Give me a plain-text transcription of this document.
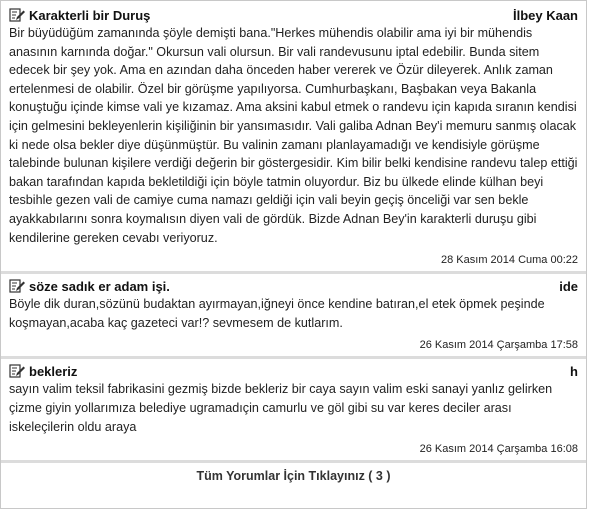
Karakterli bir Duruş	İlbey Kaan
Bir büyüdüğüm zamanında şöyle demişti bana."Herkes mühendis olabilir ama iyi bir mühendis anasının karnında doğar." Okursun vali olursun. Bir vali randevusunu iptal edebilir. Bunda sitem edecek bir şey yok. Ama en azından daha önceden haber vererek ve Özür dileyerek. Anlık zaman ertelenmesi de olabilir. Özel bir görüşme yapılıyorsa. Cumhurbaşkanı, Başbakan veya Bakanla konuştuğu içinde kimse vali ye kızamaz. Ama aksini kabul etmek o randevu için kapıda sıranın kendisi için gelmesini bekleyenlerin kişiliğinin bir yansımasıdır. Vali galiba Adnan Bey'i memuru sanmış olacak ki nede olsa bekler diye düşünmüştür. Bu valinin zamanı planlayamadığı ve kendisiyle görüşme talebinde bulunan kişilere verdiği değerin bir göstergesidir. Kim bilir belki kendisine randevu talep ettiği bakan tarafından kapıda bekletildiği için böyle tatmin oluyordur. Biz bu ülkede elinde külhan beyi tesbihle gezen vali de camiye cuma namazı geldiği için vali beyin geçiş önceliği var sen bekle ayakkabılarını sonra koymalısın diyen vali de gördük. Bizde Adnan Bey'in karakterli duruşu gibi kendilerine gereken cevabı veriyoruz.
28 Kasım 2014 Cuma 00:22
söze sadık er adam işi.	ide
Böyle dik duran,sözünü budaktan ayırmayan,iğneyi önce kendine batıran,el etek öpmek peşinde koşmayan,acaba kaç gazeteci var!? sevmesem de kutlarım.
26 Kasım 2014 Çarşamba 17:58
bekleriz	h
sayın valim teksil fabrikasini gezmiş bizde bekleriz bir caya sayın valim eski sanayi yanlız gelirken çizme giyin yollarımıza belediye ugramadıçin camurlu ve göl gibi su var keres deciler arası iskeleçilerin oldu araya
26 Kasım 2014 Çarşamba 16:08
Tüm Yorumlar İçin Tıklayınız ( 3 )
